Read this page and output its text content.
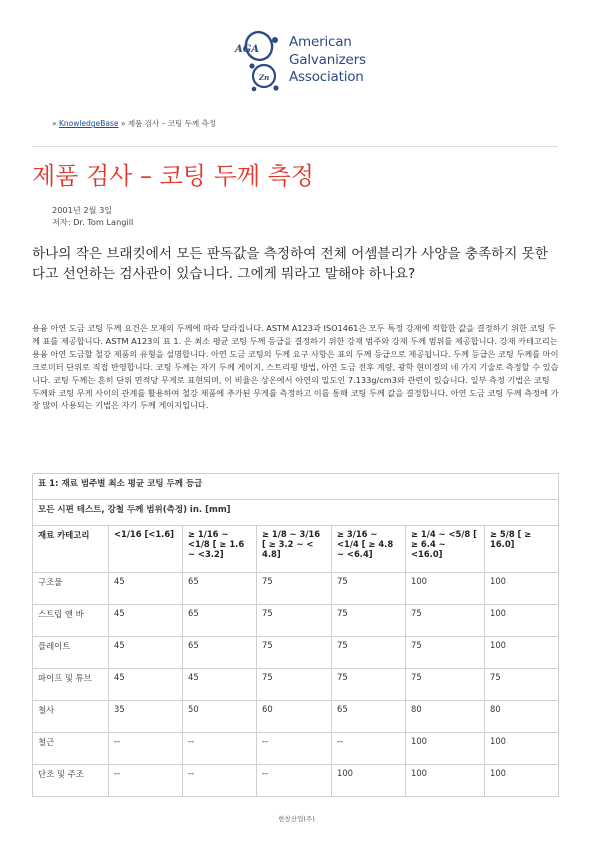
AGA
Zn
American
Galvanizers
Association
» KnowledgeBase » 제품 검사 – 코팅 두께 측정
제품 검사 – 코팅 두께 측정
2001년 2월 3일
저자: Dr. Tom Langill
하나의 작은 브래킷에서 모든 판독값을 측정하여 전체 어셈블리가 사양을 충족하지 못한다고 선언하는 검사관이 있습니다. 그에게 뭐라고 말해야 하나요?
용융 아연 도금 코팅 두께 요건은 모재의 두께에 따라 달라집니다. ASTM A123과 ISO1461은 모두 특정 강재에 적합한 값을 결정하기 위한 코팅 두께 표를 제공합니다. ASTM A123의 표 1. 은 최소 평균 코팅 두께 등급을 결정하기 위한 강재 범주와 강재 두께 범위를 제공합니다. 강재 카테고리는 용융 아연 도금할 철강 제품의 유형을 설명합니다. 아연 도금 코팅의 두께 요구 사항은 표의 두께 등급으로 제공됩니다. 두께 등급은 코팅 두께를 마이크로미터 단위로 직접 반영합니다. 코팅 두께는 자기 두께 게이지, 스트리핑 방법, 아연 도금 전후 계량, 광학 현미경의 네 가지 기술로 측정할 수 있습니다. 코팅 두께는 흔히 단위 면적당 무게로 표현되며, 이 비율은 상온에서 아연의 밀도인 7.133g/cm3와 관련이 있습니다. 일부 측정 기법은 코팅 두께와 코팅 무게 사이의 관계를 활용하여 철강 제품에 추가된 무게를 측정하고 이를 통해 코팅 두께 값을 결정합니다. 아연 도금 코팅 두께 측정에 가장 많이 사용되는 기법은 자기 두께 게이지입니다.
표 1: 재료 범주별 최소 평균 코팅 두께 등급						
모든 시편 테스트, 강철 두께 범위(측정) in. [mm]						
재료 카테고리	<1/16 [<1.6]	≥ 1/16 ~ <1/8 [ ≥ 1.6 ~ <3.2]	≥ 1/8 ~ 3/16 [ ≥ 3.2 ~ < 4.8]	≥ 3/16 ~ <1/4 [ ≥ 4.8 ~ <6.4]	≥ 1/4 ~ <5/8 [ ≥ 6.4 ~ <16.0]	≥ 5/8 [ ≥ 16.0]
구조물	45	65	75	75	100	100
스트립 앤 바	45	65	75	75	75	100
플레이트	45	65	75	75	75	100
파이프 및 튜브	45	45	75	75	75	75
철사	35	50	60	65	80	80
철근	--	--	--	--	100	100
단조 및 주조	--	--	--	100	100	100
한창산업(주)
